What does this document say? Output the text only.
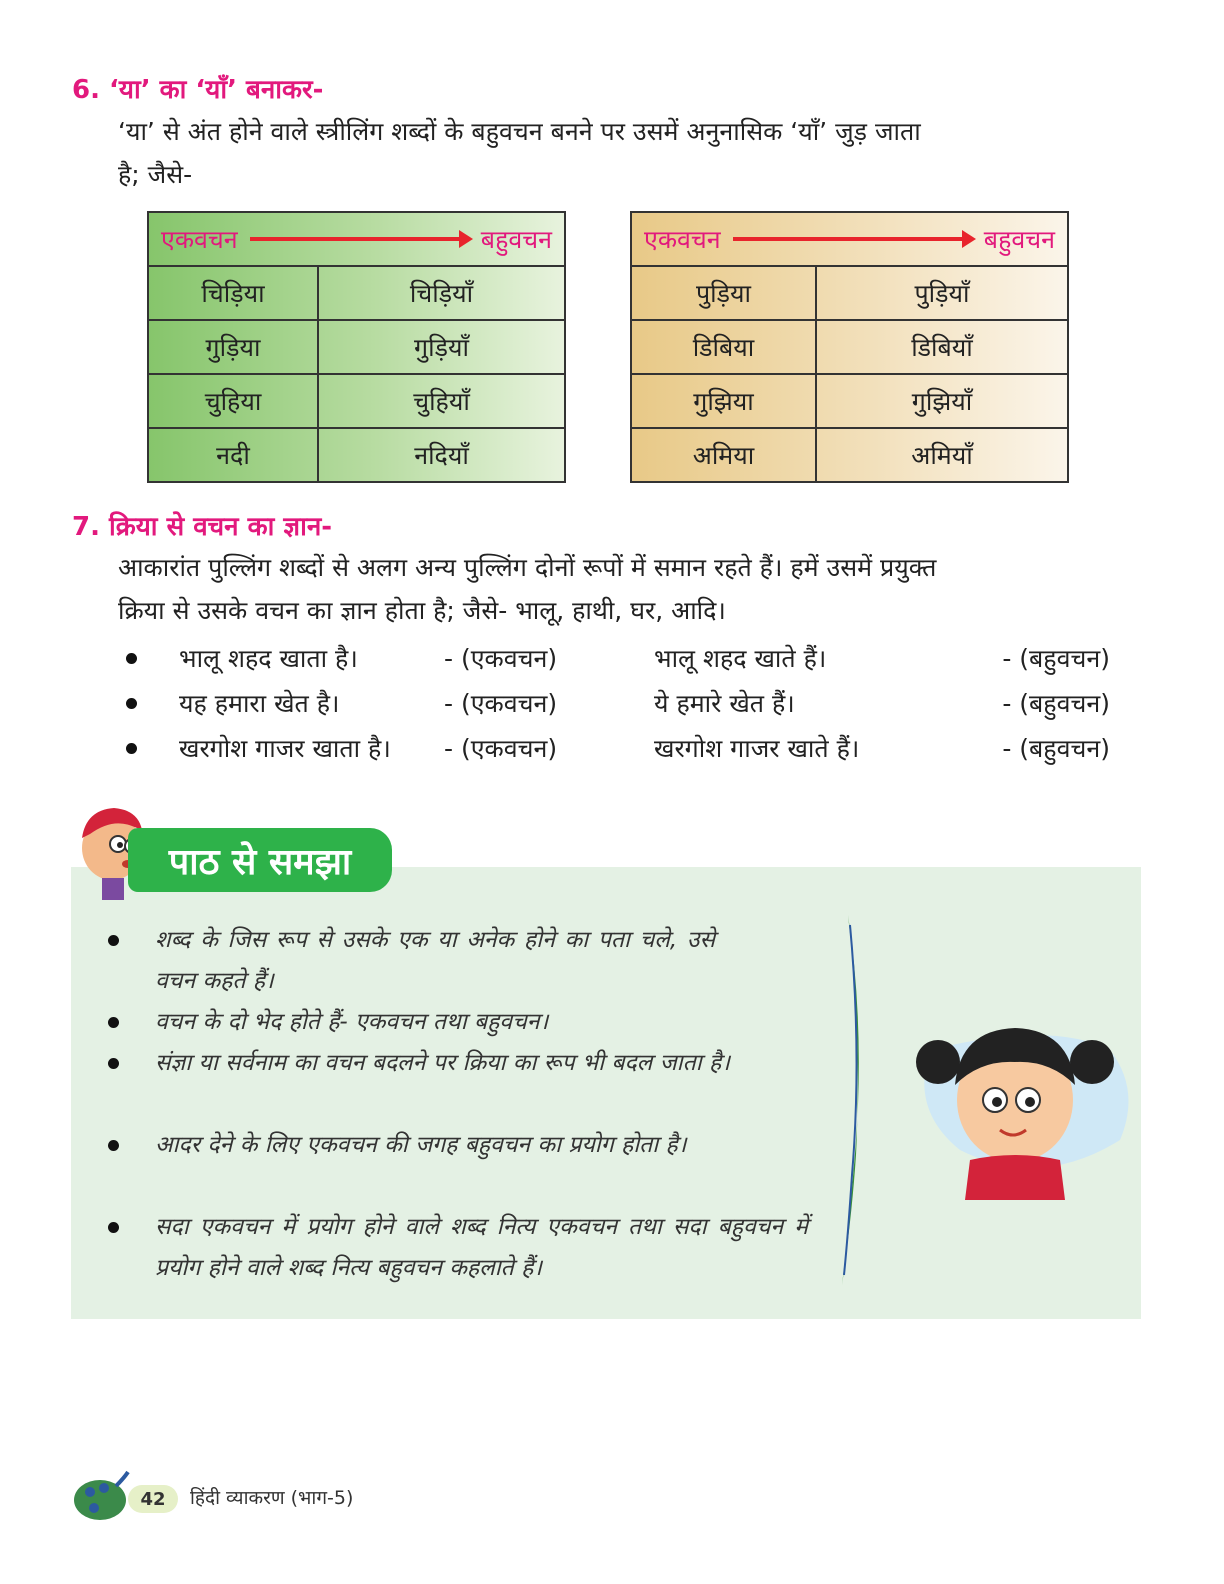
6. ‘या’ का ‘याँ’ बनाकर-
‘या’ से अंत होने वाले स्त्रीलिंग शब्दों के बहुवचन बनने पर उसमें अनुनासिक ‘याँ’ जुड़ जाता
है; जैसे-
एकवचन बहुवचन	

चिड़िया	चिड़ियाँ
गुड़िया	गुड़ियाँ
चुहिया	चुहियाँ
नदी	नदियाँ
एकवचन बहुवचन	

पुड़िया	पुड़ियाँ
डिबिया	डिबियाँ
गुझिया	गुझियाँ
अमिया	अमियाँ
7. क्रिया से वचन का ज्ञान-
आकारांत पुल्लिंग शब्दों से अलग अन्य पुल्लिंग दोनों रूपों में समान रहते हैं। हमें उसमें प्रयुक्त
क्रिया से उसके वचन का ज्ञान होता है; जैसे- भालू, हाथी, घर, आदि।
भालू शहद खाता है।	- (एकवचन)	भालू शहद खाते हैं।	- (बहुवचन)
यह हमारा खेत है।	- (एकवचन)	ये हमारे खेत हैं।	- (बहुवचन)
खरगोश गाजर खाता है।	- (एकवचन)	खरगोश गाजर खाते हैं।	- (बहुवचन)
पाठ से समझा
शब्द के जिस रूप से उसके एक या अनेक होने का पता चले, उसे वचन कहते हैं।
वचन के दो भेद होते हैं- एकवचन तथा बहुवचन।
संज्ञा या सर्वनाम का वचन बदलने पर क्रिया का रूप भी बदल जाता है।
आदर देने के लिए एकवचन की जगह बहुवचन का प्रयोग होता है।
सदा एकवचन में प्रयोग होने वाले शब्द नित्य एकवचन तथा सदा बहुवचन में प्रयोग होने वाले शब्द नित्य बहुवचन कहलाते हैं।
42	हिंदी व्याकरण (भाग-5)
